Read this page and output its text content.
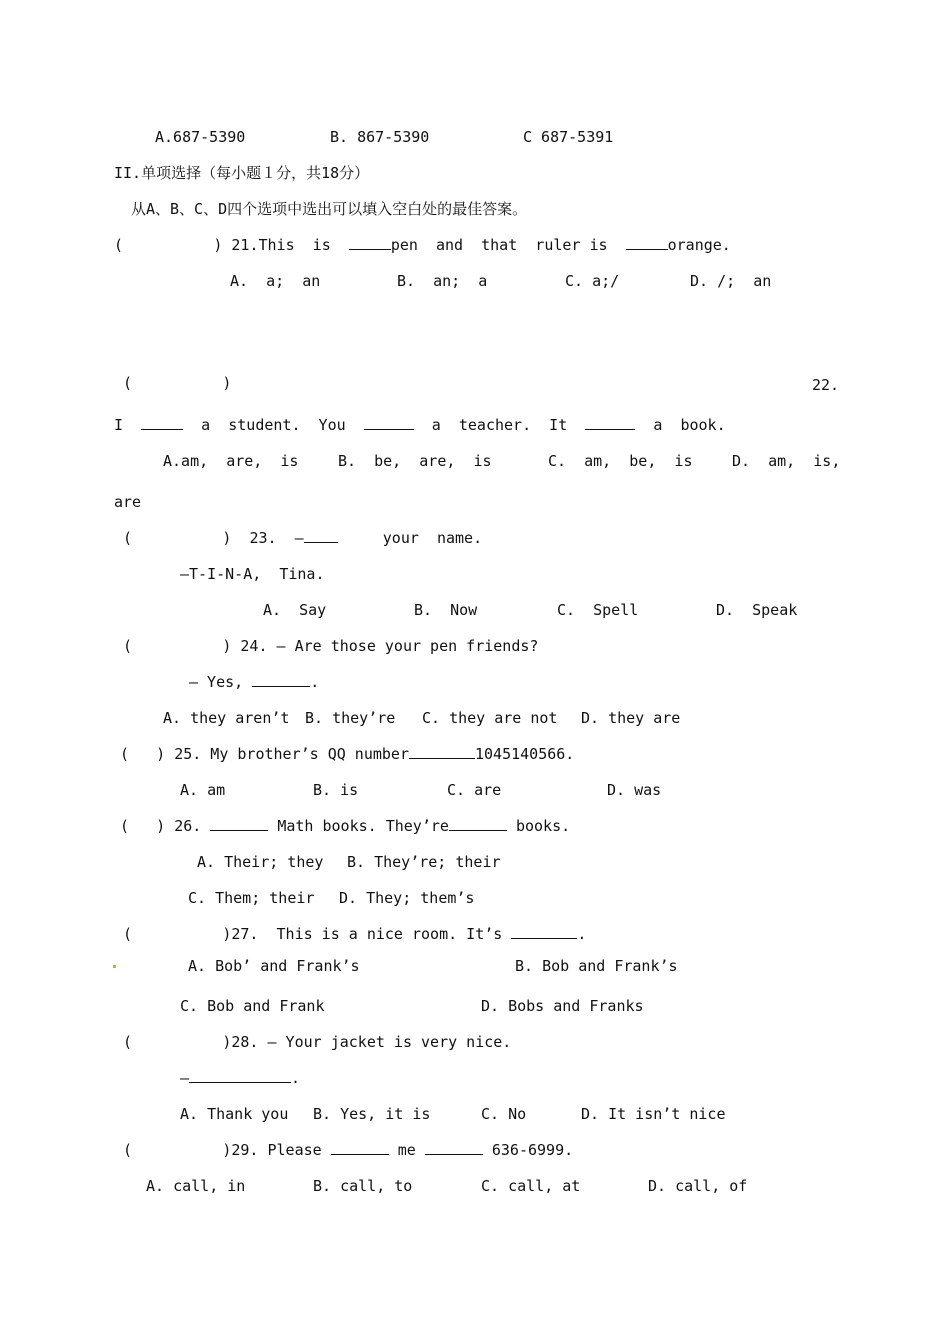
A.687-5390	B. 867-5390	C 687-5391
II.单项选择（每小题１分，共18分）
从A、B、C、D四个选项中选出可以填入空白处的最佳答案。
(          ) 21.This  is	pen  and  that  ruler is	orange.
A.  a;  an	B.  an;  a	C. a;/	D. /;  an
(          )	22.
I	a  student.  You	a  teacher.  It	a  book.
A.am,  are,  is	B.  be,  are,  is	C.  am,  be,  is	D.  am,  is,
are
(          ) 23.  —	your  name.
—T-I-N-A,  Tina.
A.  Say	B.  Now	C.  Spell	D.  Speak
(          ) 24. — Are those your pen friends?
— Yes,	.
A. they aren’t B. they’re C. they are not D. they are
(   ) 25. My brother’s QQ number	1045140566.
A. am	B. is	C. are	D. was
(   ) 26.	Math books. They’re	books.
A. Their; they B. They’re; their
C. Them; their D. They; them’s
(          )27.  This is a nice room. It’s	.
A. Bob’ and Frank’s	B. Bob and Frank’s
C. Bob and Frank	D. Bobs and Franks
(          )28. — Your jacket is very nice.
—	.
A. Thank you B. Yes, it is	C. No	D. It isn’t nice
(          )29. Please	me	636-6999.
A. call, in	B. call, to	C. call, at	D. call, of
